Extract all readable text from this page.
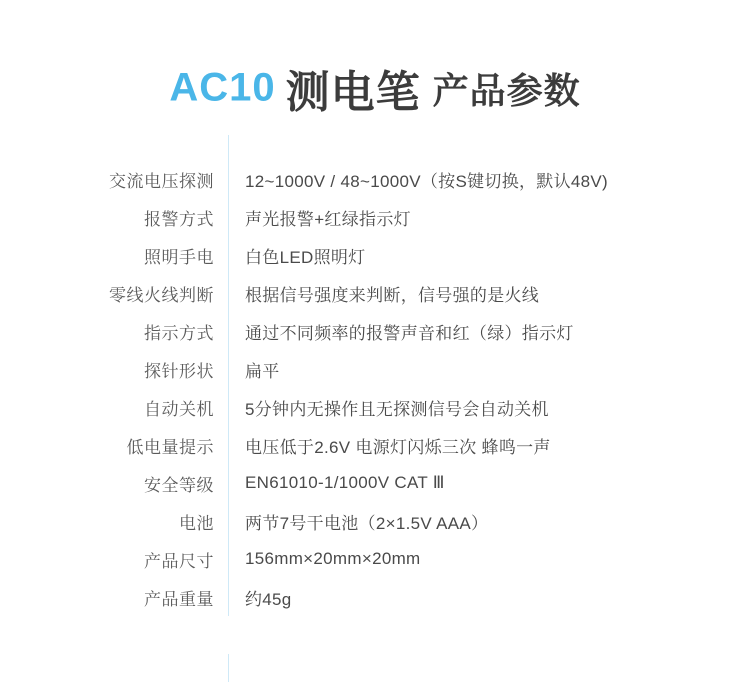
AC10 测电笔 产品参数
交流电压探测	12~1000V / 48~1000V（按S键切换，默认48V)
报警方式	声光报警+红绿指示灯
照明手电	白色LED照明灯
零线火线判断	根据信号强度来判断，信号强的是火线
指示方式	通过不同频率的报警声音和红（绿）指示灯
探针形状	扁平
自动关机	5分钟内无操作且无探测信号会自动关机
低电量提示	电压低于2.6V 电源灯闪烁三次 蜂鸣一声
安全等级	EN61010-1/1000V CAT Ⅲ
电池	两节7号干电池（2×1.5V AAA）
产品尺寸	156mm×20mm×20mm
产品重量	约45g
